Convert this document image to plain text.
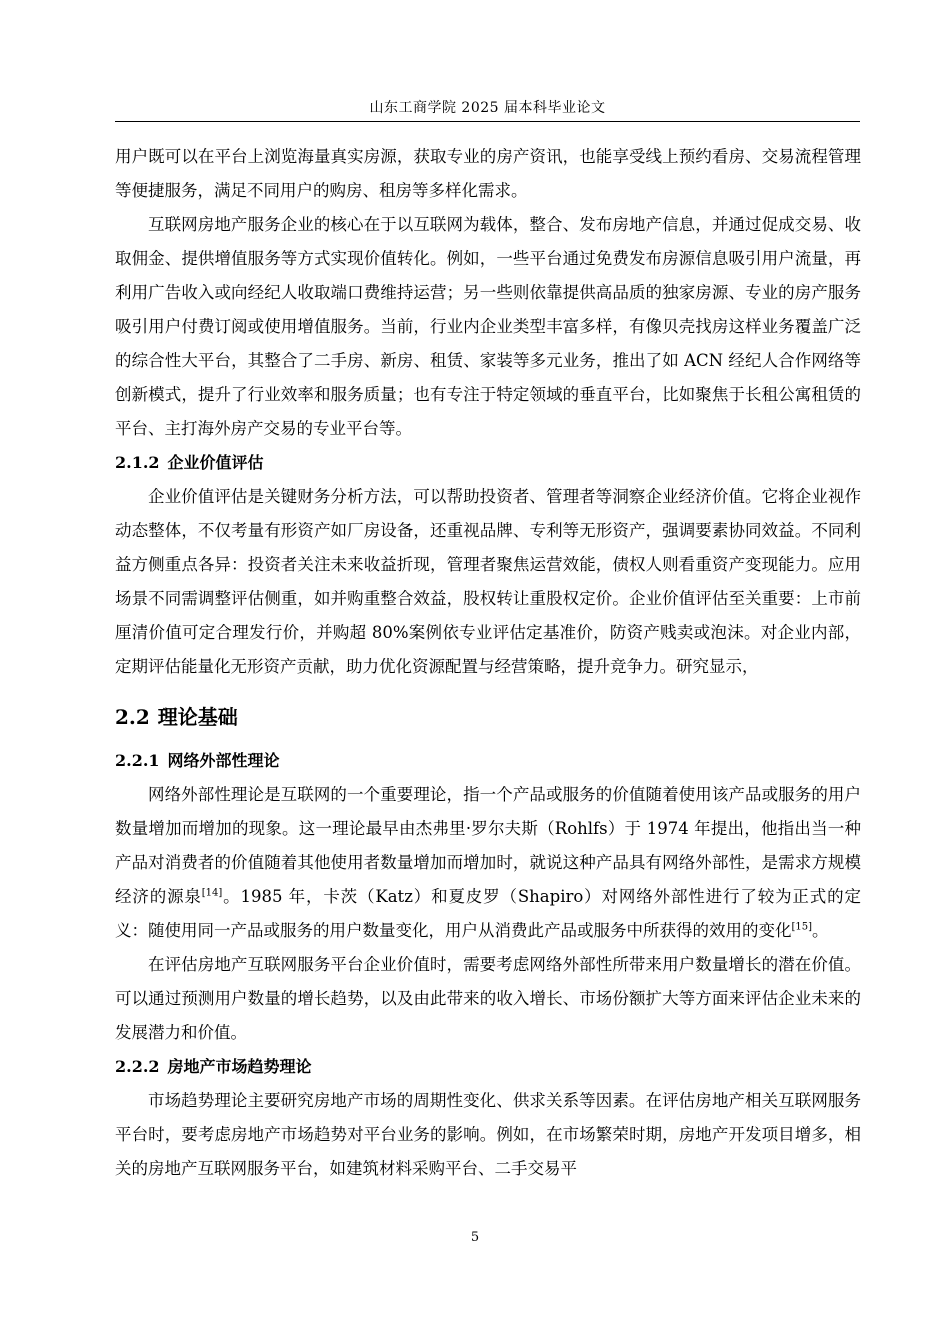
山东工商学院 2025 届本科毕业论文

用户既可以在平台上浏览海量真实房源，获取专业的房产资讯，也能享受线上预约看房、交易流程管理等便捷服务，满足不同用户的购房、租房等多样化需求。

互联网房地产服务企业的核心在于以互联网为载体，整合、发布房地产信息，并通过促成交易、收取佣金、提供增值服务等方式实现价值转化。例如，一些平台通过免费发布房源信息吸引用户流量，再利用广告收入或向经纪人收取端口费维持运营；另一些则依靠提供高品质的独家房源、专业的房产服务吸引用户付费订阅或使用增值服务。当前，行业内企业类型丰富多样，有像贝壳找房这样业务覆盖广泛的综合性大平台，其整合了二手房、新房、租赁、家装等多元业务，推出了如 ACN 经纪人合作网络等创新模式，提升了行业效率和服务质量；也有专注于特定领域的垂直平台，比如聚焦于长租公寓租赁的平台、主打海外房产交易的专业平台等。

2.1.2 企业价值评估

企业价值评估是关键财务分析方法，可以帮助投资者、管理者等洞察企业经济价值。它将企业视作动态整体，不仅考量有形资产如厂房设备，还重视品牌、专利等无形资产，强调要素协同效益。不同利益方侧重点各异：投资者关注未来收益折现，管理者聚焦运营效能，债权人则看重资产变现能力。应用场景不同需调整评估侧重，如并购重整合效益，股权转让重股权定价。企业价值评估至关重要：上市前厘清价值可定合理发行价，并购超 80%案例依专业评估定基准价，防资产贱卖或泡沫。对企业内部，定期评估能量化无形资产贡献，助力优化资源配置与经营策略，提升竞争力。研究显示，

2.2 理论基础
2.2.1 网络外部性理论

网络外部性理论是互联网的一个重要理论，指一个产品或服务的价值随着使用该产品或服务的用户数量增加而增加的现象。这一理论最早由杰弗里·罗尔夫斯（Rohlfs）于 1974 年提出，他指出当一种产品对消费者的价值随着其他使用者数量增加而增加时，就说这种产品具有网络外部性，是需求方规模经济的源泉[14]。1985 年，卡茨（Katz）和夏皮罗（Shapiro）对网络外部性进行了较为正式的定义：随使用同一产品或服务的用户数量变化，用户从消费此产品或服务中所获得的效用的变化[15]。

在评估房地产互联网服务平台企业价值时，需要考虑网络外部性所带来用户数量增长的潜在价值。可以通过预测用户数量的增长趋势，以及由此带来的收入增长、市场份额扩大等方面来评估企业未来的发展潜力和价值。

2.2.2 房地产市场趋势理论

市场趋势理论主要研究房地产市场的周期性变化、供求关系等因素。在评估房地产相关互联网服务平台时，要考虑房地产市场趋势对平台业务的影响。例如，在市场繁荣时期，房地产开发项目增多，相关的房地产互联网服务平台，如建筑材料采购平台、二手交易平

5
